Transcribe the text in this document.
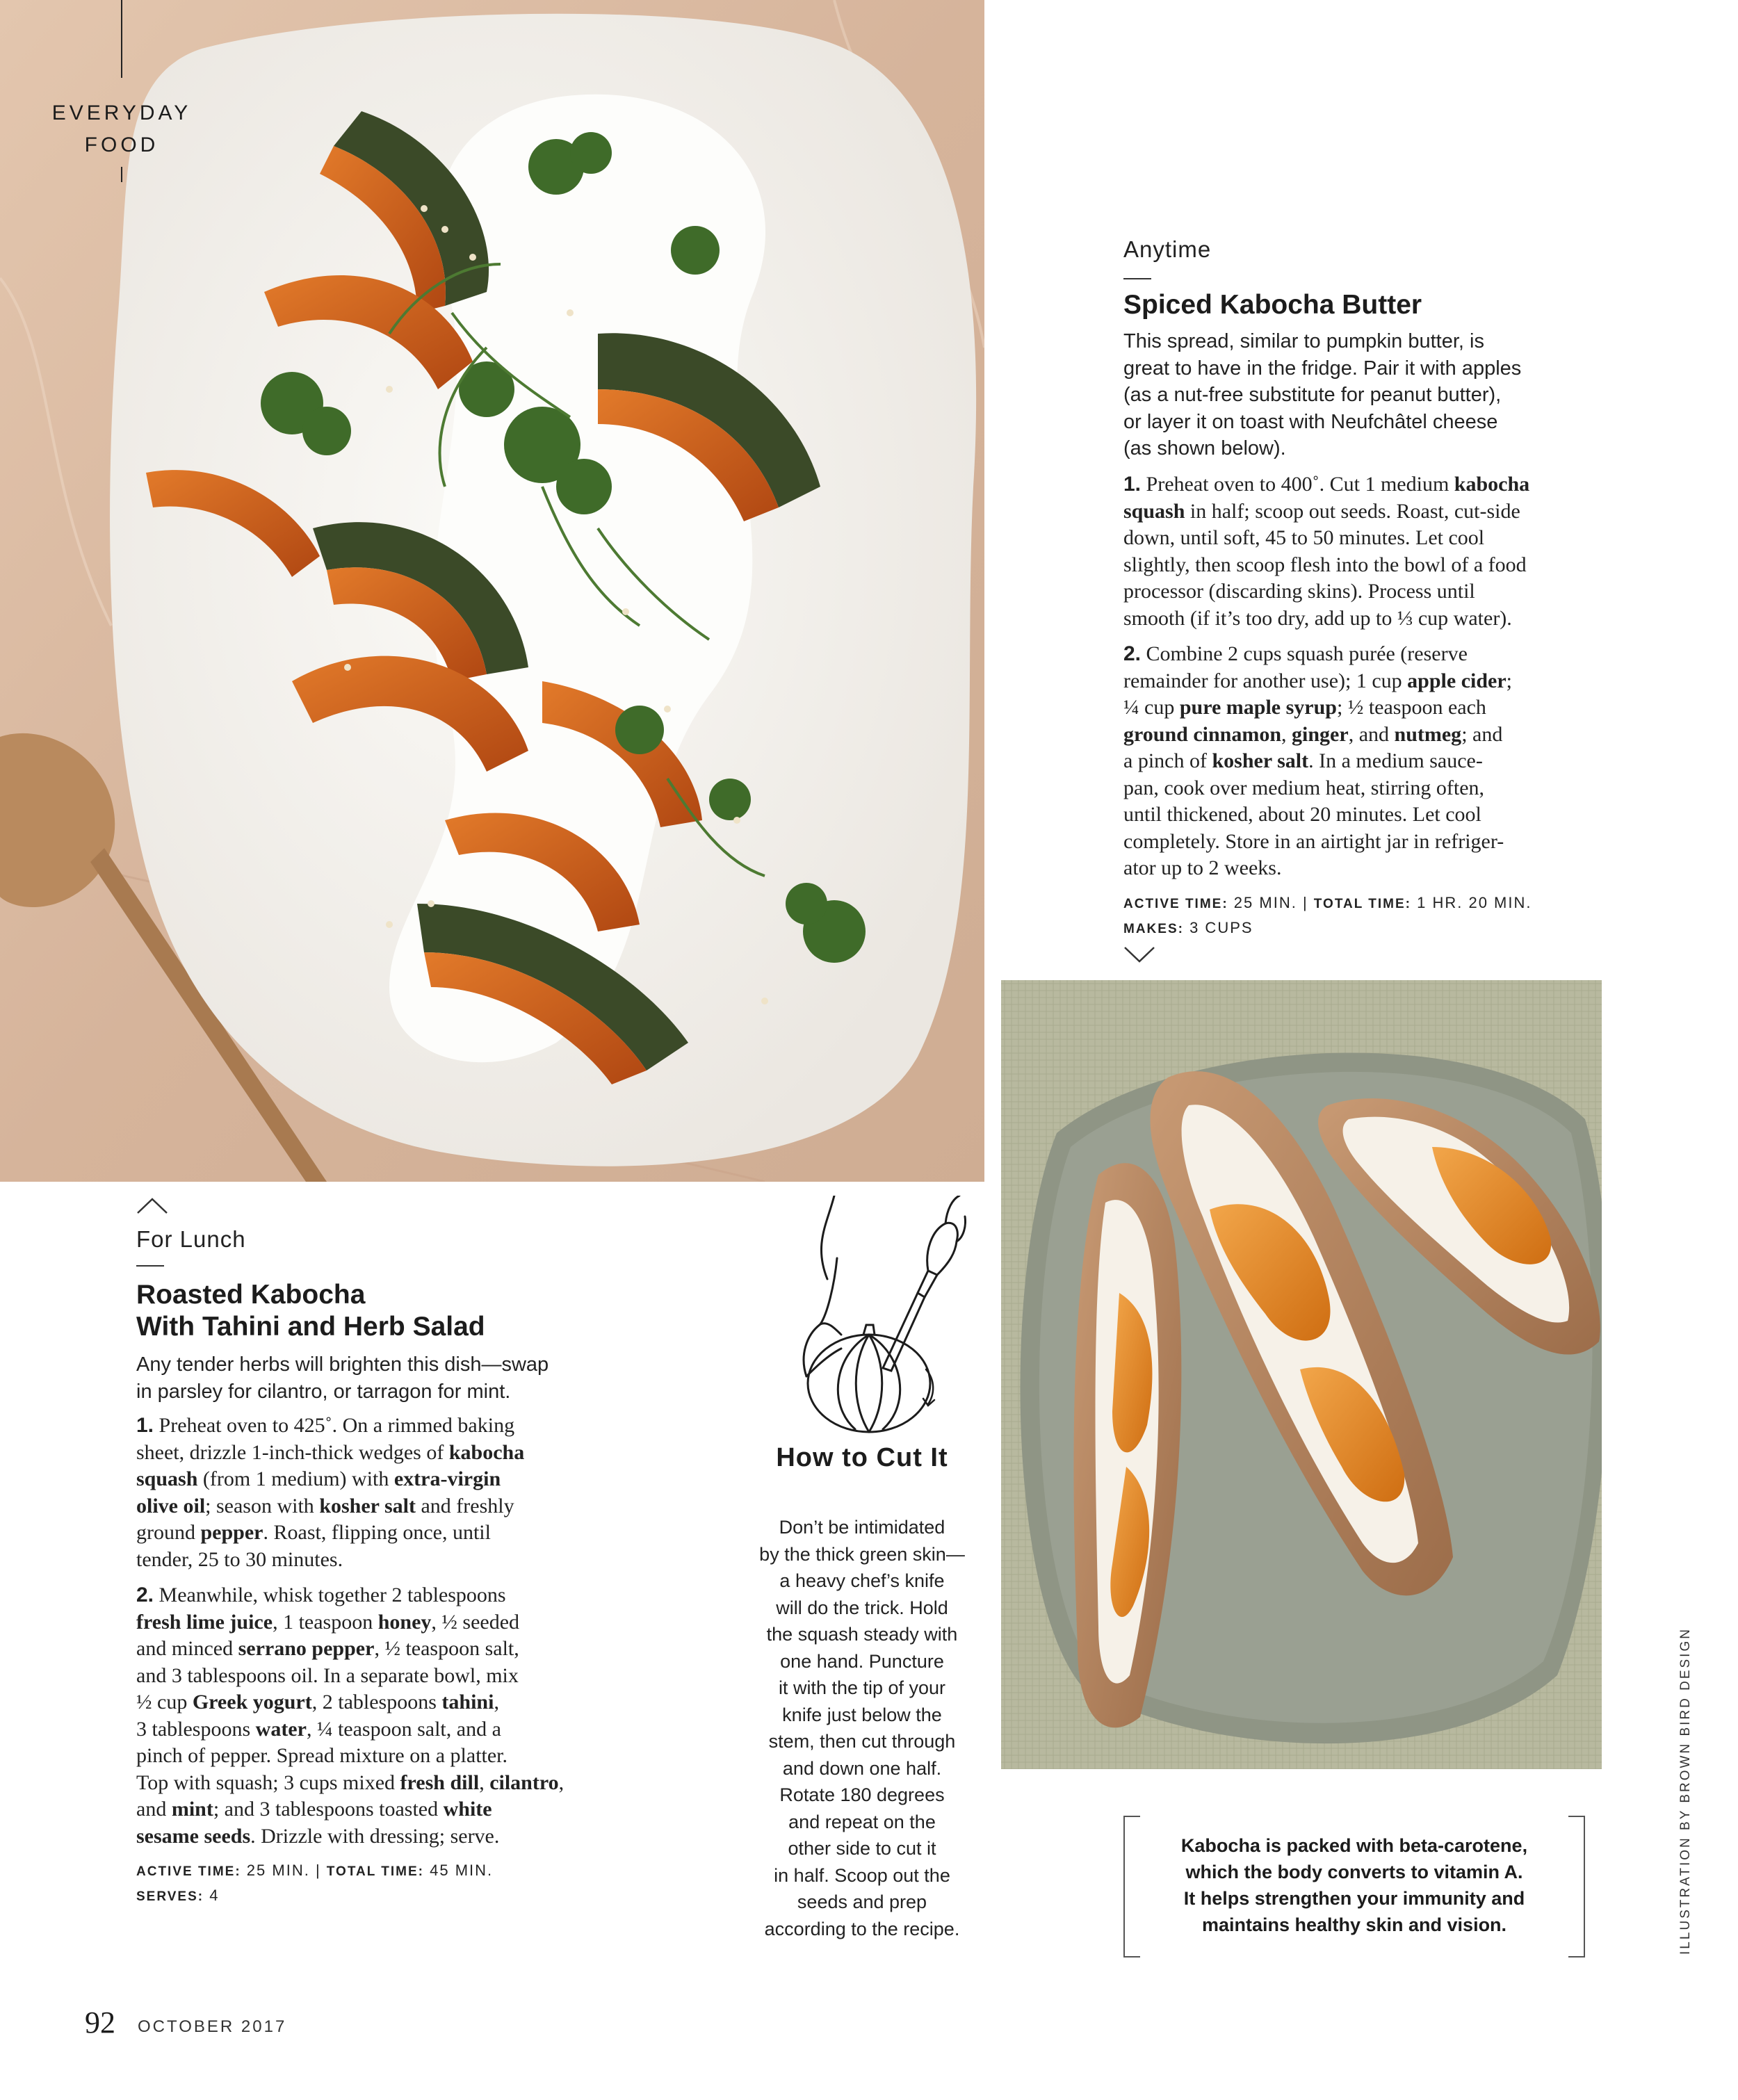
EVERYDAY
FOOD
Anytime
Spiced Kabocha Butter
This spread, similar to pumpkin butter, is
great to have in the fridge. Pair it with apples
(as a nut-free substitute for peanut butter),
or layer it on toast with Neufchâtel cheese
(as shown below).
1. Preheat oven to 400˚. Cut 1 medium kabocha
squash in half; scoop out seeds. Roast, cut-side
down, until soft, 45 to 50 minutes. Let cool
slightly, then scoop flesh into the bowl of a food
processor (discarding skins). Process until
smooth (if it’s too dry, add up to ⅓ cup water).
2. Combine 2 cups squash purée (reserve
remainder for another use); 1 cup apple cider;
¼ cup pure maple syrup; ½ teaspoon each
ground cinnamon, ginger, and nutmeg; and
a pinch of kosher salt. In a medium sauce-
pan, cook over medium heat, stirring often,
until thickened, about 20 minutes. Let cool
completely. Store in an airtight jar in refriger-
ator up to 2 weeks.
ACTIVE TIME: 25 MIN. | TOTAL TIME: 1 HR. 20 MIN.
MAKES: 3 CUPS
For Lunch
Roasted Kabocha
With Tahini and Herb Salad
Any tender herbs will brighten this dish—swap
in parsley for cilantro, or tarragon for mint.
1. Preheat oven to 425˚. On a rimmed baking
sheet, drizzle 1-inch-thick wedges of kabocha
squash (from 1 medium) with extra-virgin
olive oil; season with kosher salt and freshly
ground pepper. Roast, flipping once, until
tender, 25 to 30 minutes.
2. Meanwhile, whisk together 2 tablespoons
fresh lime juice, 1 teaspoon honey, ½ seeded
and minced serrano pepper, ½ teaspoon salt,
and 3 tablespoons oil. In a separate bowl, mix
½ cup Greek yogurt, 2 tablespoons tahini,
3 tablespoons water, ¼ teaspoon salt, and a
pinch of pepper. Spread mixture on a platter.
Top with squash; 3 cups mixed fresh dill, cilantro,
and mint; and 3 tablespoons toasted white
sesame seeds. Drizzle with dressing; serve.
ACTIVE TIME: 25 MIN. | TOTAL TIME: 45 MIN.
SERVES: 4
How to Cut It
Don’t be intimidated
by the thick green skin—
a heavy chef’s knife
will do the trick. Hold
the squash steady with
one hand. Puncture
it with the tip of your
knife just below the
stem, then cut through
and down one half.
Rotate 180 degrees
and repeat on the
other side to cut it
in half. Scoop out the
seeds and prep
according to the recipe.
Kabocha is packed with beta-carotene,
which the body converts to vitamin A.
It helps strengthen your immunity and
maintains healthy skin and vision.	ILLUSTRATION BY BROWN BIRD DESIGN
92 OCTOBER 2017
